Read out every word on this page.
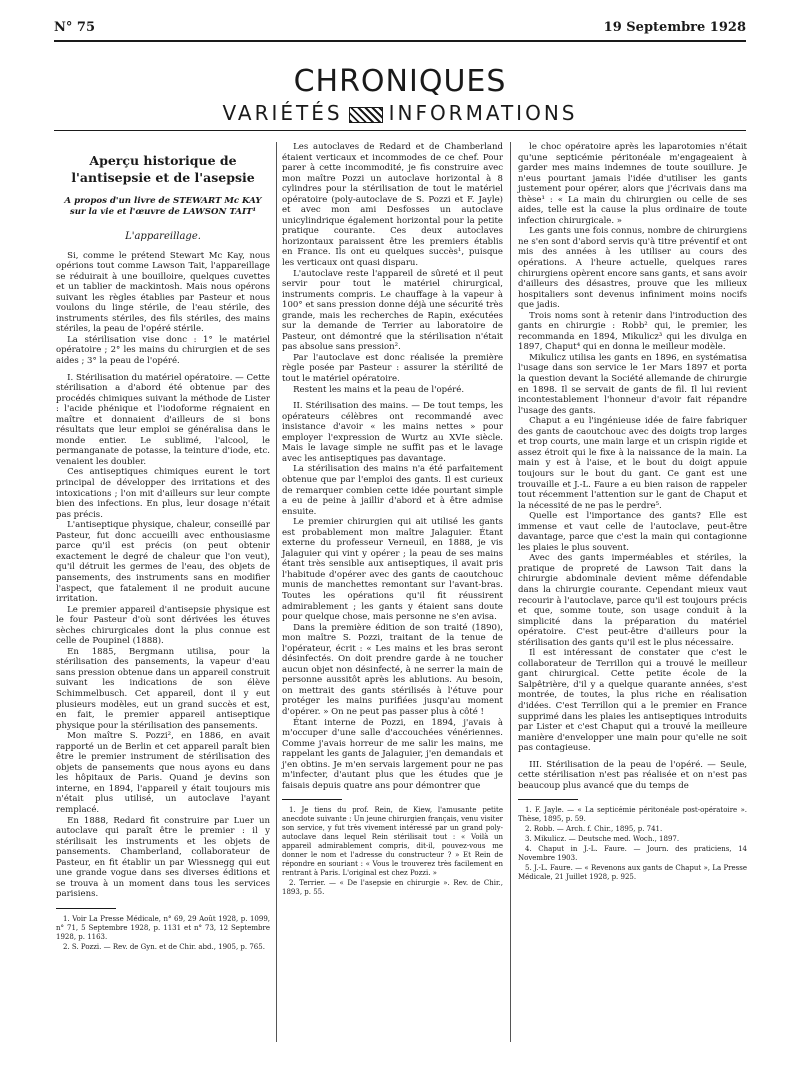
N° 75	19 Septembre 1928
CHRONIQUES
VARIÉTÉS INFORMATIONS
Aperçu historique de l'antisepsie et de l'asepsie
A propos d'un livre de STEWART Mc KAY sur la vie et l'œuvre de LAWSON TAIT¹
L'appareillage.

Si, comme le prétend Stewart Mc Kay, nous opérions tout comme Lawson Tait, l'appareillage se réduirait à une bouilloire, quelques cuvettes et un tablier de mackintosh. Mais nous opérons suivant les règles établies par Pasteur et nous voulons du linge stérile, de l'eau stérile, des instruments stériles, des fils stériles, des mains stériles, la peau de l'opéré stérile.

La stérilisation vise donc : 1° le matériel opératoire ; 2° les mains du chirurgien et de ses aides ; 3° la peau de l'opéré.

I. Stérilisation du matériel opératoire. — Cette stérilisation a d'abord été obtenue par des procédés chimiques suivant la méthode de Lister : l'acide phénique et l'iodoforme régnaient en maître et donnaient d'ailleurs de si bons résultats que leur emploi se généralisa dans le monde entier. Le sublimé, l'alcool, le permanganate de potasse, la teinture d'iode, etc. venaient les doubler.

Ces antiseptiques chimiques eurent le tort principal de développer des irritations et des intoxications ; l'on mit d'ailleurs sur leur compte bien des infections. En plus, leur dosage n'était pas précis.

L'antiseptique physique, chaleur, conseillé par Pasteur, fut donc accueilli avec enthousiasme parce qu'il est précis (on peut obtenir exactement le degré de chaleur que l'on veut), qu'il détruit les germes de l'eau, des objets de pansements, des instruments sans en modifier l'aspect, que fatalement il ne produit aucune irritation.

Le premier appareil d'antisepsie physique est le four Pasteur d'où sont dérivées les étuves sèches chirurgicales dont la plus connue est celle de Poupinel (1888).

En 1885, Bergmann utilisa, pour la stérilisation des pansements, la vapeur d'eau sans pression obtenue dans un appareil construit suivant les indications de son élève Schimmelbusch. Cet appareil, dont il y eut plusieurs modèles, eut un grand succès et est, en fait, le premier appareil antiseptique physique pour la stérilisation des pansements.

Mon maître S. Pozzi², en 1886, en avait rapporté un de Berlin et cet appareil paraît bien être le premier instrument de stérilisation des objets de pansements que nous ayons eu dans les hôpitaux de Paris. Quand je devins son interne, en 1894, l'appareil y était toujours mis n'était plus utilisé, un autoclave l'ayant remplacé.

En 1888, Redard fit construire par Luer un autoclave qui paraît être le premier : il y stérilisait les instruments et les objets de pansements. Chamberland, collaborateur de Pasteur, en fit établir un par Wiessnegg qui eut une grande vogue dans ses diverses éditions et se trouva à un moment dans tous les services parisiens.

1. Voir La Presse Médicale, n° 69, 29 Août 1928, p. 1099, n° 71, 5 Septembre 1928, p. 1131 et n° 73, 12 Septembre 1928, p. 1163.
2. S. Pozzi. — Rev. de Gyn. et de Chir. abd., 1905, p. 765.

Les autoclaves de Redard et de Chamberland étaient verticaux et incommodes de ce chef. Pour parer à cette incommodité, je fis construire avec mon maître Pozzi un autoclave horizontal à 8 cylindres pour la stérilisation de tout le matériel opératoire (poly-autoclave de S. Pozzi et F. Jayle) et avec mon ami Desfosses un autoclave unicylindrique également horizontal pour la petite pratique courante. Ces deux autoclaves horizontaux paraissent être les premiers établis en France. Ils ont eu quelques succès¹, puisque les verticaux ont quasi disparu.

L'autoclave reste l'appareil de sûreté et il peut servir pour tout le matériel chirurgical, instruments compris. Le chauffage à la vapeur à 100° et sans pression donne déjà une sécurité très grande, mais les recherches de Rapin, exécutées sur la demande de Terrier au laboratoire de Pasteur, ont démontré que la stérilisation n'était pas absolue sans pression².

Par l'autoclave est donc réalisée la première règle posée par Pasteur : assurer la stérilité de tout le matériel opératoire.

Restent les mains et la peau de l'opéré.

II. Stérilisation des mains. — De tout temps, les opérateurs célèbres ont recommandé avec insistance d'avoir « les mains nettes » pour employer l'expression de Wurtz au XVIe siècle. Mais le lavage simple ne suffit pas et le lavage avec les antiseptiques pas davantage.

La stérilisation des mains n'a été parfaitement obtenue que par l'emploi des gants. Il est curieux de remarquer combien cette idée pourtant simple a eu de peine à jaillir d'abord et à être admise ensuite.

Le premier chirurgien qui ait utilisé les gants est probablement mon maître Jalaguier. Étant externe du professeur Verneuil, en 1888, je vis Jalaguier qui vint y opérer ; la peau de ses mains étant très sensible aux antiseptiques, il avait pris l'habitude d'opérer avec des gants de caoutchouc munis de manchettes remontant sur l'avant-bras. Toutes les opérations qu'il fit réussirent admirablement ; les gants y étaient sans doute pour quelque chose, mais personne ne s'en avisa.

Dans la première édition de son traité (1890), mon maître S. Pozzi, traitant de la tenue de l'opérateur, écrit : « Les mains et les bras seront désinfectés. On doit prendre garde à ne toucher aucun objet non désinfecté, à ne serrer la main de personne aussitôt après les ablutions. Au besoin, on mettrait des gants stérilisés à l'étuve pour protéger les mains purifiées jusqu'au moment d'opérer. » On ne peut pas passer plus à côté !

Étant interne de Pozzi, en 1894, j'avais à m'occuper d'une salle d'accouchées vénériennes. Comme j'avais horreur de me salir les mains, me rappelant les gants de Jalaguier, j'en demandais et j'en obtins. Je m'en servais largement pour ne pas m'infecter, d'autant plus que les études que je faisais depuis quatre ans pour démontrer que

1. Je tiens du prof. Rein, de Kiew, l'amusante petite anecdote suivante : Un jeune chirurgien français, venu visiter son service, y fut très vivement intéressé par un grand poly-autoclave dans lequel Rein stérilisait tout : « Voilà un appareil admirablement compris, dit-il, pouvez-vous me donner le nom et l'adresse du constructeur ? » Et Rein de répondre en souriant : « Vous le trouverez très facilement en rentrant à Paris. L'original est chez Pozzi. »
2. Terrier. — « De l'asepsie en chirurgie ». Rev. de Chir., 1893, p. 55.

le choc opératoire après les laparotomies n'était qu'une septicémie péritonéale m'engageaient à garder mes mains indemnes de toute souillure. Je n'eus pourtant jamais l'idée d'utiliser les gants justement pour opérer, alors que j'écrivais dans ma thèse¹ : « La main du chirurgien ou celle de ses aides, telle est la cause la plus ordinaire de toute infection chirurgicale. »

Les gants une fois connus, nombre de chirurgiens ne s'en sont d'abord servis qu'à titre préventif et ont mis des années à les utiliser au cours des opérations. A l'heure actuelle, quelques rares chirurgiens opèrent encore sans gants, et sans avoir d'ailleurs des désastres, prouve que les milieux hospitaliers sont devenus infiniment moins nocifs que jadis.

Trois noms sont à retenir dans l'introduction des gants en chirurgie : Robb² qui, le premier, les recommanda en 1894, Mikulicz³ qui les divulga en 1897, Chaput⁴ qui en donna le meilleur modèle.

Mikulicz utilisa les gants en 1896, en systématisa l'usage dans son service le 1er Mars 1897 et porta la question devant la Société allemande de chirurgie en 1898. Il se servait de gants de fil. Il lui revient incontestablement l'honneur d'avoir fait répandre l'usage des gants.

Chaput a eu l'ingénieuse idée de faire fabriquer des gants de caoutchouc avec des doigts trop larges et trop courts, une main large et un crispin rigide et assez étroit qui le fixe à la naissance de la main. La main y est à l'aise, et le bout du doigt appuie toujours sur le bout du gant. Ce gant est une trouvaille et J.-L. Faure a eu bien raison de rappeler tout récemment l'attention sur le gant de Chaput et la nécessité de ne pas le perdre⁵.

Quelle est l'importance des gants? Elle est immense et vaut celle de l'autoclave, peut-être davantage, parce que c'est la main qui contagionne les plaies le plus souvent.

Avec des gants imperméables et stériles, la pratique de propreté de Lawson Tait dans la chirurgie abdominale devient même défendable dans la chirurgie courante. Cependant mieux vaut recourir à l'autoclave, parce qu'il est toujours précis et que, somme toute, son usage conduit à la simplicité dans la préparation du matériel opératoire. C'est peut-être d'ailleurs pour la stérilisation des gants qu'il est le plus nécessaire.

Il est intéressant de constater que c'est le collaborateur de Terrillon qui a trouvé le meilleur gant chirurgical. Cette petite école de la Salpêtrière, d'il y a quelque quarante années, s'est montrée, de toutes, la plus riche en réalisation d'idées. C'est Terrillon qui a le premier en France supprimé dans les plaies les antiseptiques introduits par Lister et c'est Chaput qui a trouvé la meilleure manière d'envelopper une main pour qu'elle ne soit pas contagieuse.

III. Stérilisation de la peau de l'opéré. — Seule, cette stérilisation n'est pas réalisée et on n'est pas beaucoup plus avancé que du temps de

1. F. Jayle. — « La septicémie péritonéale post-opératoire ». Thèse, 1895, p. 59.
2. Robb. — Arch. f. Chir., 1895, p. 741.
3. Mikulicz. — Deutsche med. Woch., 1897.
4. Chaput in J.-L. Faure. — Journ. des praticiens, 14 Novembre 1903.
5. J.-L. Faure. — « Revenons aux gants de Chaput », La Presse Médicale, 21 Juillet 1928, p. 925.
